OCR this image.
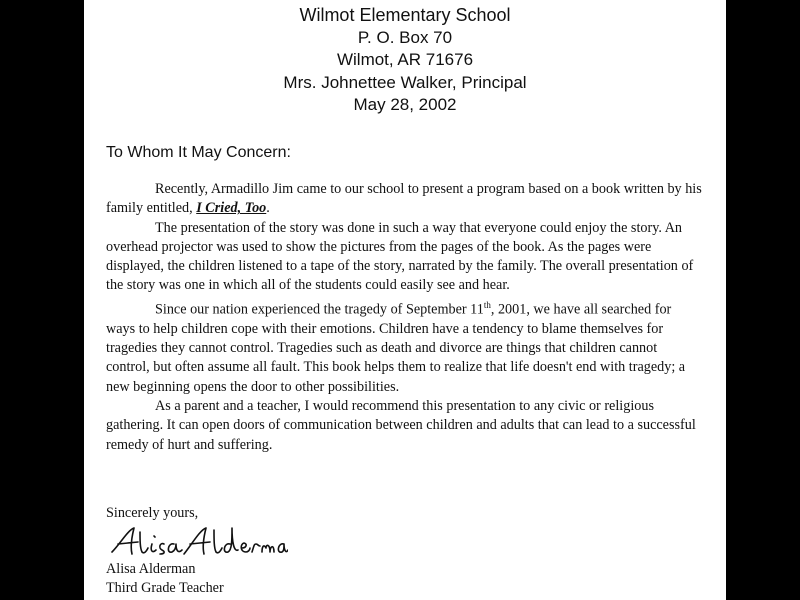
Wilmot Elementary School
P. O. Box 70
Wilmot, AR 71676
Mrs. Johnettee Walker, Principal
May 28, 2002
To Whom It May Concern:

Recently, Armadillo Jim came to our school to present a program based on a book written by his family entitled, I Cried, Too.

The presentation of the story was done in such a way that everyone could enjoy the story. An overhead projector was used to show the pictures from the pages of the book. As the pages were displayed, the children listened to a tape of the story, narrated by the family. The overall presentation of the story was one in which all of the students could easily see and hear.

Since our nation experienced the tragedy of September 11th, 2001, we have all searched for ways to help children cope with their emotions. Children have a tendency to blame themselves for tragedies they cannot control. Tragedies such as death and divorce are things that children cannot control, but often assume all fault. This book helps them to realize that life doesn't end with tragedy; a new beginning opens the door to other possibilities.

As a parent and a teacher, I would recommend this presentation to any civic or religious gathering. It can open doors of communication between children and adults that can lead to a successful remedy of hurt and suffering.

Sincerely yours,
Alisa Alderman
Third Grade Teacher
